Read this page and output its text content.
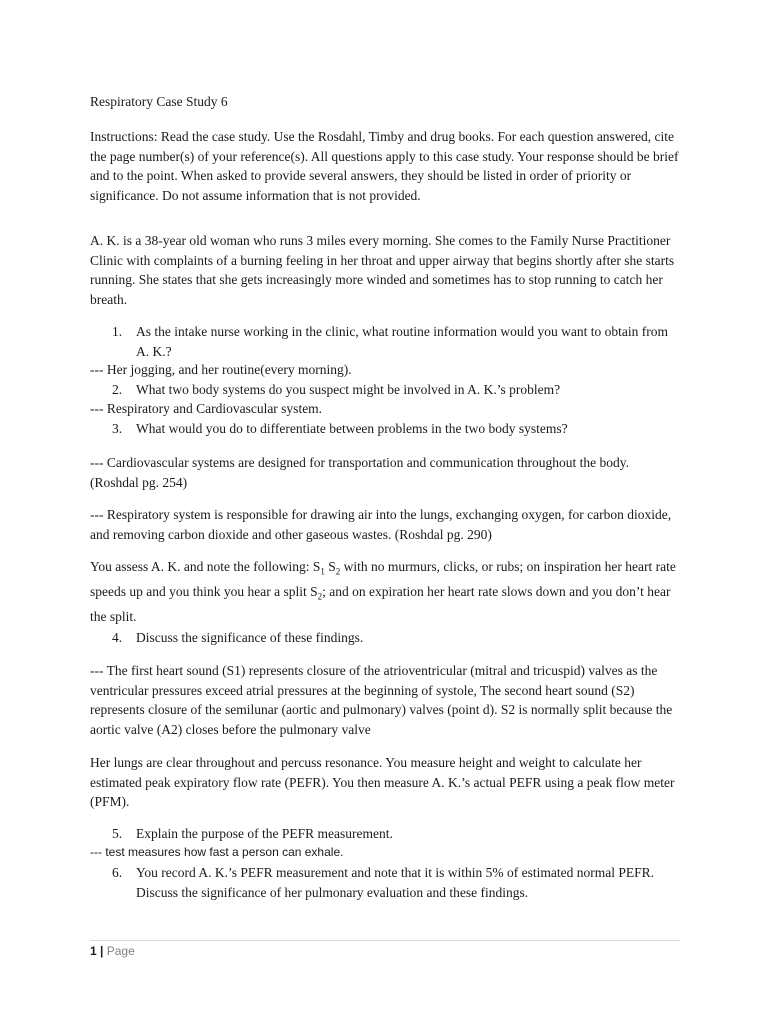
Respiratory Case Study 6
Instructions: Read the case study. Use the Rosdahl, Timby and drug books. For each question answered, cite the page number(s) of your reference(s). All questions apply to this case study. Your response should be brief and to the point. When asked to provide several answers, they should be listed in order of priority or significance. Do not assume information that is not provided.
A. K. is a 38-year old woman who runs 3 miles every morning. She comes to the Family Nurse Practitioner Clinic with complaints of a burning feeling in her throat and upper airway that begins shortly after she starts running. She states that she gets increasingly more winded and sometimes has to stop running to catch her breath.
1.	As the intake nurse working in the clinic, what routine information would you want to obtain from A. K.?
--- Her jogging, and her routine(every morning).
2.	What two body systems do you suspect might be involved in A. K.’s problem?
--- Respiratory and Cardiovascular system.
3.	What would you do to differentiate between problems in the two body systems?
--- Cardiovascular systems are designed for transportation and communication throughout the body. (Roshdal pg. 254)
--- Respiratory system is responsible for drawing air into the lungs, exchanging oxygen, for carbon dioxide, and removing carbon dioxide and other gaseous wastes. (Roshdal pg. 290)
You assess A. K. and note the following: $S_1$ $S_2$ with no murmurs, clicks, or rubs; on inspiration her heart rate speeds up and you think you hear a split $S_2$; and on expiration her heart rate slows down and you don’t hear the split.
4.	Discuss the significance of these findings.
--- The first heart sound (S1) represents closure of the atrioventricular (mitral and tricuspid) valves as the ventricular pressures exceed atrial pressures at the beginning of systole, The second heart sound (S2) represents closure of the semilunar (aortic and pulmonary) valves (point d). S2 is normally split because the aortic valve (A2) closes before the pulmonary valve
Her lungs are clear throughout and percuss resonance. You measure height and weight to calculate her estimated peak expiratory flow rate (PEFR). You then measure A. K.’s actual PEFR using a peak flow meter (PFM).
5.	Explain the purpose of the PEFR measurement.
--- test measures how fast a person can exhale.
6.	You record A. K.’s PEFR measurement and note that it is within 5% of estimated normal PEFR. Discuss the significance of her pulmonary evaluation and these findings.
1 | Page
